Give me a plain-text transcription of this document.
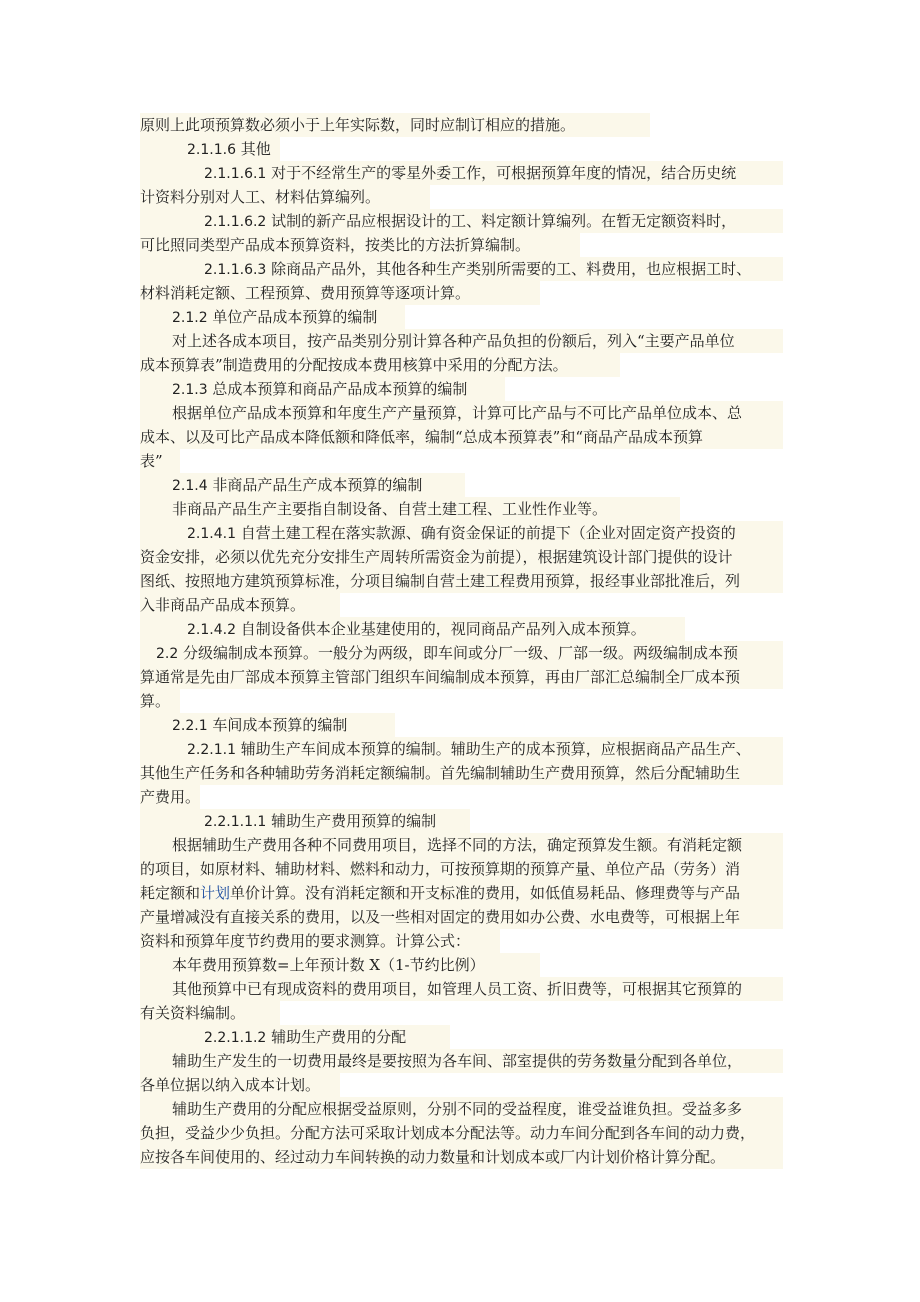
原则上此项预算数必须小于上年实际数，同时应制订相应的措施。
2.1.1.6 其他
2.1.1.6.1 对于不经常生产的零星外委工作，可根据预算年度的情况，结合历史统
计资料分别对人工、材料估算编列。
2.1.1.6.2 试制的新产品应根据设计的工、料定额计算编列。在暂无定额资料时，
可比照同类型产品成本预算资料，按类比的方法折算编制。
2.1.1.6.3 除商品产品外，其他各种生产类别所需要的工、料费用，也应根据工时、
材料消耗定额、工程预算、费用预算等逐项计算。
2.1.2 单位产品成本预算的编制
对上述各成本项目，按产品类别分别计算各种产品负担的份额后，列入“主要产品单位
成本预算表”制造费用的分配按成本费用核算中采用的分配方法。
2.1.3 总成本预算和商品产品成本预算的编制
根据单位产品成本预算和年度生产产量预算，计算可比产品与不可比产品单位成本、总
成本、以及可比产品成本降低额和降低率，编制“总成本预算表”和“商品产品成本预算
表”
2.1.4 非商品产品生产成本预算的编制
非商品产品生产主要指自制设备、自营土建工程、工业性作业等。
2.1.4.1 自营土建工程在落实款源、确有资金保证的前提下（企业对固定资产投资的
资金安排，必须以优先充分安排生产周转所需资金为前提），根据建筑设计部门提供的设计
图纸、按照地方建筑预算标准，分项目编制自营土建工程费用预算，报经事业部批准后，列
入非商品产品成本预算。
2.1.4.2 自制设备供本企业基建使用的，视同商品产品列入成本预算。
2.2 分级编制成本预算。一般分为两级，即车间或分厂一级、厂部一级。两级编制成本预
算通常是先由厂部成本预算主管部门组织车间编制成本预算，再由厂部汇总编制全厂成本预
算。
2.2.1 车间成本预算的编制
2.2.1.1 辅助生产车间成本预算的编制。辅助生产的成本预算，应根据商品产品生产、
其他生产任务和各种辅助劳务消耗定额编制。首先编制辅助生产费用预算，然后分配辅助生
产费用。
2.2.1.1.1 辅助生产费用预算的编制
根据辅助生产费用各种不同费用项目，选择不同的方法，确定预算发生额。有消耗定额
的项目，如原材料、辅助材料、燃料和动力，可按预算期的预算产量、单位产品（劳务）消
耗定额和计划单价计算。没有消耗定额和开支标准的费用，如低值易耗品、修理费等与产品
产量增减没有直接关系的费用，以及一些相对固定的费用如办公费、水电费等，可根据上年
资料和预算年度节约费用的要求测算。计算公式：
本年费用预算数=上年预计数 X（1-节约比例）
其他预算中已有现成资料的费用项目，如管理人员工资、折旧费等，可根据其它预算的
有关资料编制。
2.2.1.1.2 辅助生产费用的分配
辅助生产发生的一切费用最终是要按照为各车间、部室提供的劳务数量分配到各单位，
各单位据以纳入成本计划。
辅助生产费用的分配应根据受益原则，分别不同的受益程度，谁受益谁负担。受益多多
负担，受益少少负担。分配方法可采取计划成本分配法等。动力车间分配到各车间的动力费，
应按各车间使用的、经过动力车间转换的动力数量和计划成本或厂内计划价格计算分配。
